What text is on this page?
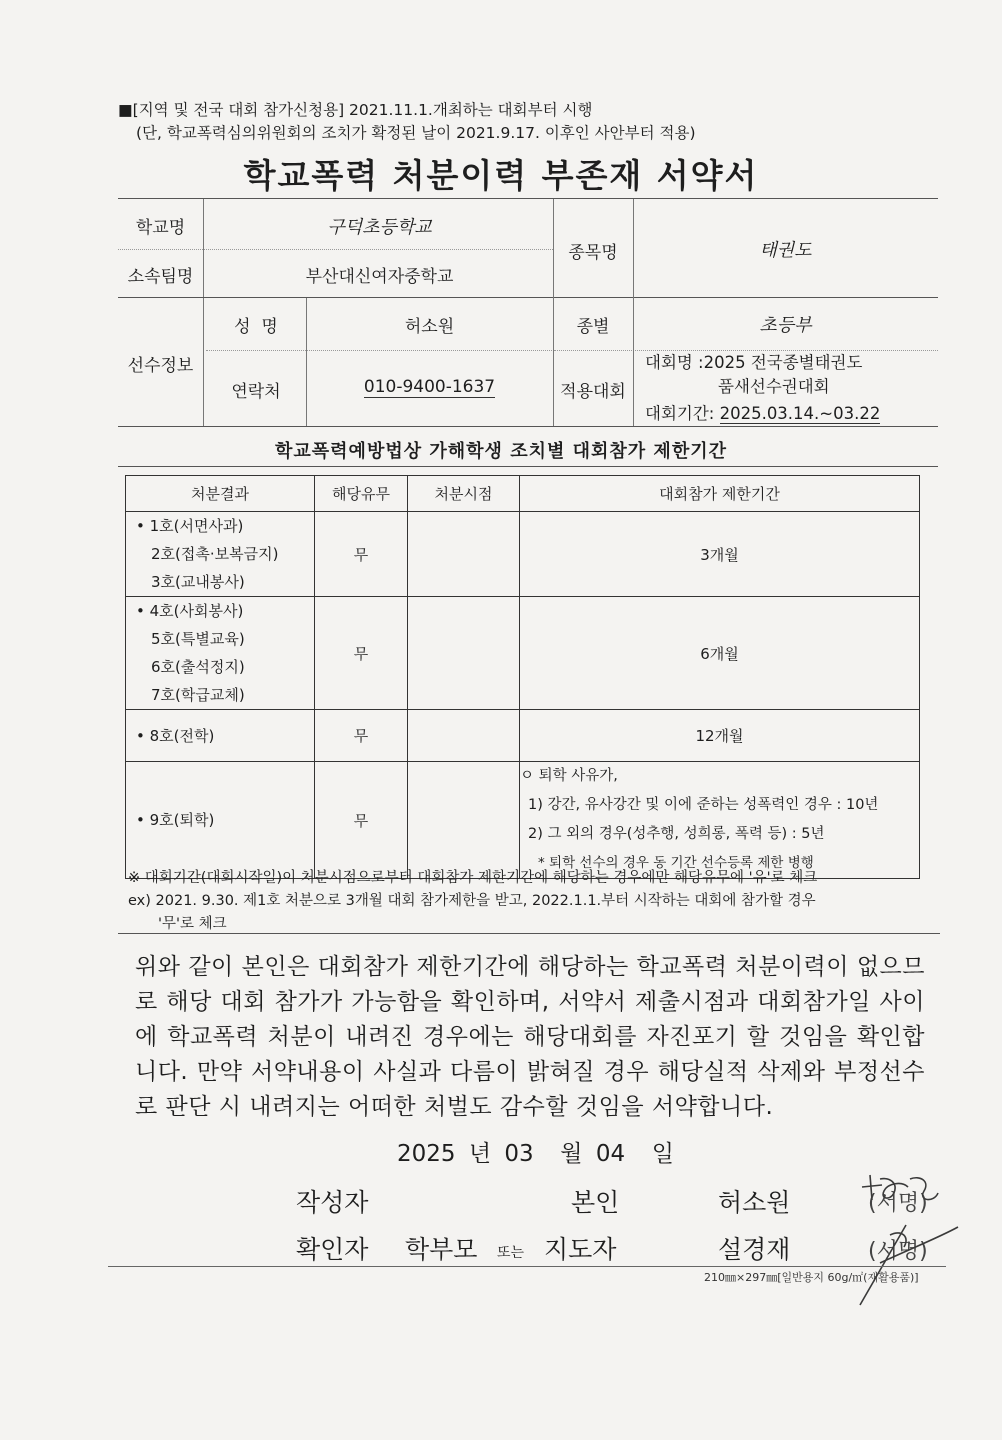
■[지역 및 전국 대회 참가신청용] 2021.11.1.개최하는 대회부터 시행
(단, 학교폭력심의위원회의 조치가 확정된 날이 2021.9.17. 이후인 사안부터 적용)
학교폭력 처분이력 부존재 서약서
학교명	구덕초등학교
소속팀명	부산대신여자중학교
종목명	태권도
선수정보
성  명	허소원	종별	초등부
연락처	010-9400-1637	적용대회
대회명 :2025 전국종별태권도
품새선수권대회
대회기간: 2025.03.14.~03.22
학교폭력예방법상 가해학생 조치별 대회참가 제한기간
처분결과	해당유무	처분시점	대회참가 제한기간

• 1호(서면사과)
2호(접촉·보복금지)
3호(교내봉사)	무		3개월

• 4호(사회봉사)
5호(특별교육)
6호(출석정지)
7호(학급교체)	무		6개월

• 8호(전학)	무		12개월

• 9호(퇴학)	무		ㅇ 퇴학 사유가,
1) 강간, 유사강간 및 이에 준하는 성폭력인 경우 : 10년
2) 그 외의 경우(성추행, 성희롱, 폭력 등) : 5년
* 퇴학 선수의 경우 동 기간 선수등록 제한 병행
※ 대회기간(대회시작일)이 처분시점으로부터 대회참가 제한기간에 해당하는 경우에만 해당유무에 '유'로 체크
ex) 2021. 9.30. 제1호 처분으로 3개월 대회 참가제한을 받고, 2022.1.1.부터 시작하는 대회에 참가할 경우
'무'로 체크
위와 같이 본인은 대회참가 제한기간에 해당하는 학교폭력 처분이력이 없으므로 해당 대회 참가가 가능함을 확인하며, 서약서 제출시점과 대회참가일 사이에 학교폭력 처분이 내려진 경우에는 해당대회를 자진포기 할 것임을 확인합니다. 만약 서약내용이 사실과 다름이 밝혀질 경우 해당실적 삭제와 부정선수로 판단 시 내려지는 어떠한 처벌도 감수할 것임을 서약합니다.
2025 년 03 월 04 일
작성자	본인	허소원	(서명)
확인자 학부모 또는 지도자	설경재	(서명)
210㎜×297㎜[일반용지 60g/㎡(재활용품)]
